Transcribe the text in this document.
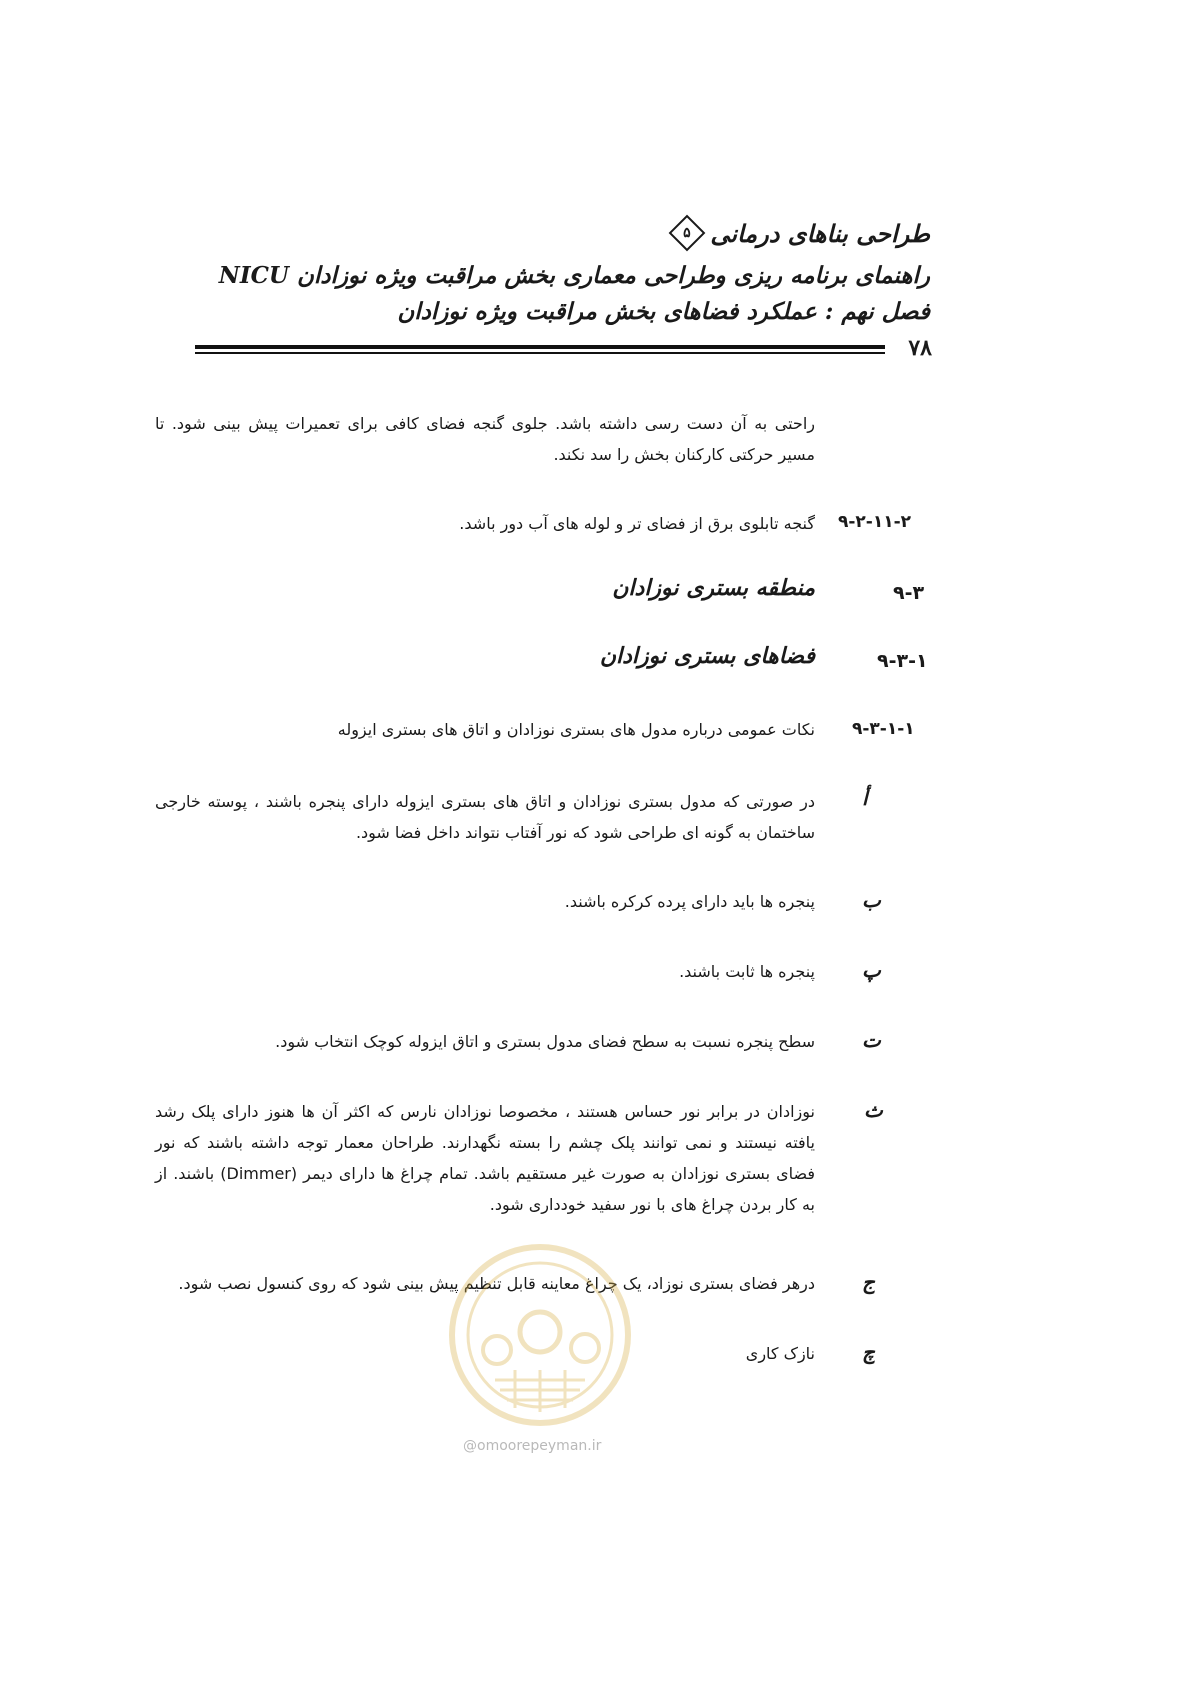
طراحی بناهای درمانی
۵
راهنمای برنامه ریزی وطراحی معماری بخش مراقبت ویژه نوزادان NICU
فصل نهم : عملکرد فضاهای بخش مراقبت ویژه نوزادان
۷۸
راحتی به آن دست رسی داشته باشد. جلوی گنجه فضای کافی برای تعمیرات پیش بینی شود. تا مسیر حرکتی کارکنان بخش را سد نکند.
۹-۲-۱۱-۲
گنجه تابلوی برق از فضای تر و لوله های آب دور باشد.
۹-۳
منطقه بستری نوزادان
۹-۳-۱
فضاهای بستری نوزادان
۹-۳-۱-۱
نکات عمومی درباره مدول های بستری نوزادان و اتاق های بستری ایزوله
أ
در صورتی که مدول بستری نوزادان و اتاق های بستری ایزوله دارای پنجره باشند ، پوسته خارجی ساختمان به گونه ای طراحی شود که نور آفتاب نتواند داخل فضا شود.
ب
پنجره ها باید دارای پرده کرکره باشند.
پ
پنجره ها ثابت باشند.
ت
سطح پنجره نسبت به سطح فضای مدول بستری و اتاق ایزوله کوچک انتخاب شود.
ث
نوزادان در برابر نور حساس هستند ، مخصوصا نوزادان نارس که اکثر آن ها هنوز دارای پلک رشد یافته نیستند و نمی توانند پلک چشم را بسته نگهدارند. طراحان معمار توجه داشته باشند که نور فضای بستری نوزادان به صورت غیر مستقیم باشد. تمام چراغ ها دارای دیمر (Dimmer) باشند. از به کار بردن چراغ های با نور سفید خودداری شود.
ج
درهر فضای بستری نوزاد، یک چراغ معاینه قابل تنظیم پیش بینی شود که روی کنسول نصب شود.
چ
نازک کاری
@omoorepeyman.ir
